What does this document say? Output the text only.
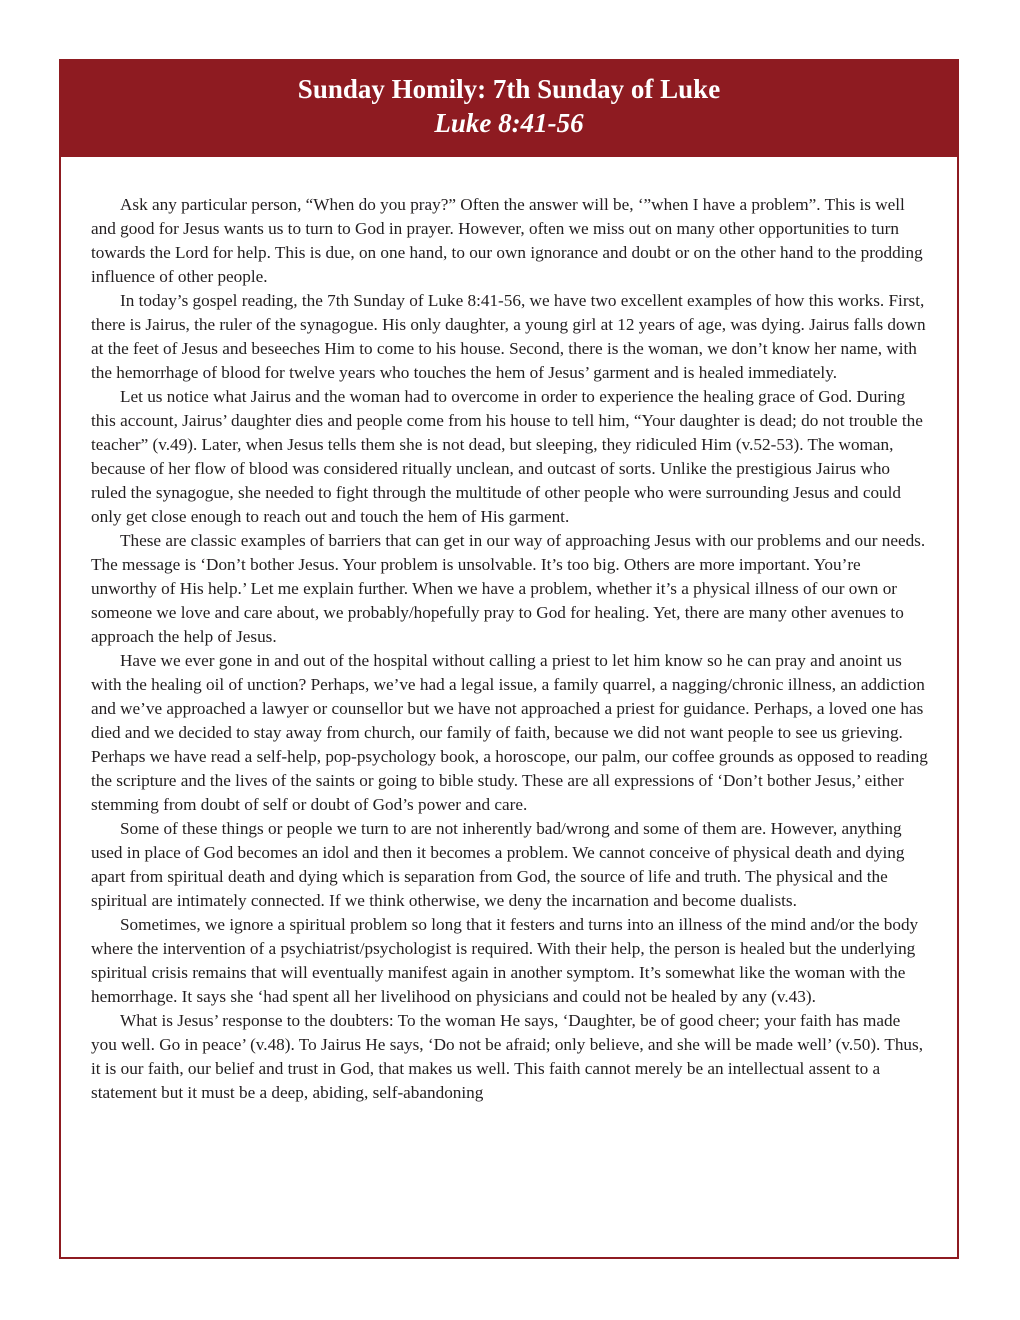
Sunday Homily: 7th Sunday of Luke
Luke 8:41-56

Ask any particular person, “When do you pray?” Often the answer will be, ‘”when I have a problem”. This is well and good for Jesus wants us to turn to God in prayer. However, often we miss out on many other opportunities to turn towards the Lord for help. This is due, on one hand, to our own ignorance and doubt or on the other hand to the prodding influence of other people.

In today’s gospel reading, the 7th Sunday of Luke 8:41-56, we have two excellent examples of how this works. First, there is Jairus, the ruler of the synagogue. His only daughter, a young girl at 12 years of age, was dying. Jairus falls down at the feet of Jesus and beseeches Him to come to his house. Second, there is the woman, we don’t know her name, with the hemorrhage of blood for twelve years who touches the hem of Jesus’ garment and is healed immediately.

Let us notice what Jairus and the woman had to overcome in order to experience the healing grace of God. During this account, Jairus’ daughter dies and people come from his house to tell him, “Your daughter is dead; do not trouble the teacher” (v.49). Later, when Jesus tells them she is not dead, but sleeping, they ridiculed Him (v.52-53). The woman, because of her flow of blood was considered ritually unclean, and outcast of sorts. Unlike the prestigious Jairus who ruled the synagogue, she needed to fight through the multitude of other people who were surrounding Jesus and could only get close enough to reach out and touch the hem of His garment.

These are classic examples of barriers that can get in our way of approaching Jesus with our problems and our needs. The message is ‘Don’t bother Jesus. Your problem is unsolvable. It’s too big. Others are more important. You’re unworthy of His help.’ Let me explain further. When we have a problem, whether it’s a physical illness of our own or someone we love and care about, we probably/hopefully pray to God for healing. Yet, there are many other avenues to approach the help of Jesus.

Have we ever gone in and out of the hospital without calling a priest to let him know so he can pray and anoint us with the healing oil of unction? Perhaps, we’ve had a legal issue, a family quarrel, a nagging/chronic illness, an addiction and we’ve approached a lawyer or counsellor but we have not approached a priest for guidance. Perhaps, a loved one has died and we decided to stay away from church, our family of faith, because we did not want people to see us grieving. Perhaps we have read a self-help, pop-psychology book, a horoscope, our palm, our coffee grounds as opposed to reading the scripture and the lives of the saints or going to bible study. These are all expressions of ‘Don’t bother Jesus,’ either stemming from doubt of self or doubt of God’s power and care.

Some of these things or people we turn to are not inherently bad/wrong and some of them are. However, anything used in place of God becomes an idol and then it becomes a problem. We cannot conceive of physical death and dying apart from spiritual death and dying which is separation from God, the source of life and truth. The physical and the spiritual are intimately connected. If we think otherwise, we deny the incarnation and become dualists.

Sometimes, we ignore a spiritual problem so long that it festers and turns into an illness of the mind and/or the body where the intervention of a psychiatrist/psychologist is required. With their help, the person is healed but the underlying spiritual crisis remains that will eventually manifest again in another symptom. It’s somewhat like the woman with the hemorrhage. It says she ‘had spent all her livelihood on physicians and could not be healed by any (v.43).

What is Jesus’ response to the doubters: To the woman He says, ‘Daughter, be of good cheer; your faith has made you well. Go in peace’ (v.48). To Jairus He says, ‘Do not be afraid; only believe, and she will be made well’ (v.50). Thus, it is our faith, our belief and trust in God, that makes us well. This faith cannot merely be an intellectual assent to a statement but it must be a deep, abiding, self-abandoning
